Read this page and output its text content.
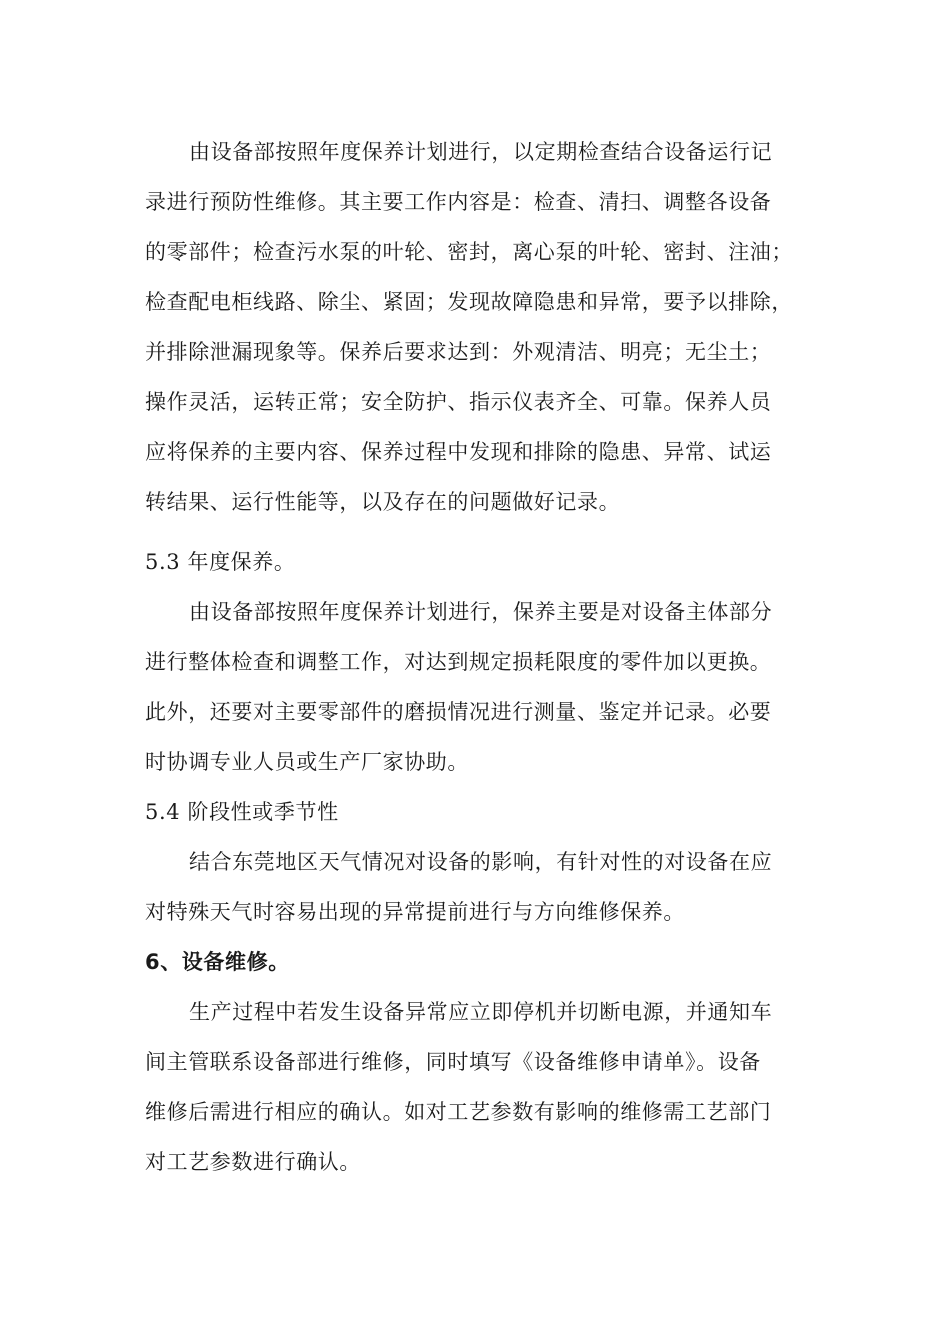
由设备部按照年度保养计划进行，以定期检查结合设备运行记
录进行预防性维修。其主要工作内容是：检查、清扫、调整各设备
的零部件；检查污水泵的叶轮、密封，离心泵的叶轮、密封、注油；
检查配电柜线路、除尘、紧固；发现故障隐患和异常，要予以排除，
并排除泄漏现象等。保养后要求达到：外观清洁、明亮；无尘土；
操作灵活，运转正常；安全防护、指示仪表齐全、可靠。保养人员
应将保养的主要内容、保养过程中发现和排除的隐患、异常、试运
转结果、运行性能等，以及存在的问题做好记录。
5.3 年度保养。
由设备部按照年度保养计划进行，保养主要是对设备主体部分
进行整体检查和调整工作，对达到规定损耗限度的零件加以更换。
此外，还要对主要零部件的磨损情况进行测量、鉴定并记录。必要
时协调专业人员或生产厂家协助。
5.4 阶段性或季节性
结合东莞地区天气情况对设备的影响，有针对性的对设备在应
对特殊天气时容易出现的异常提前进行与方向维修保养。
6、设备维修。
生产过程中若发生设备异常应立即停机并切断电源，并通知车
间主管联系设备部进行维修，同时填写《设备维修申请单》。设备
维修后需进行相应的确认。如对工艺参数有影响的维修需工艺部门
对工艺参数进行确认。
